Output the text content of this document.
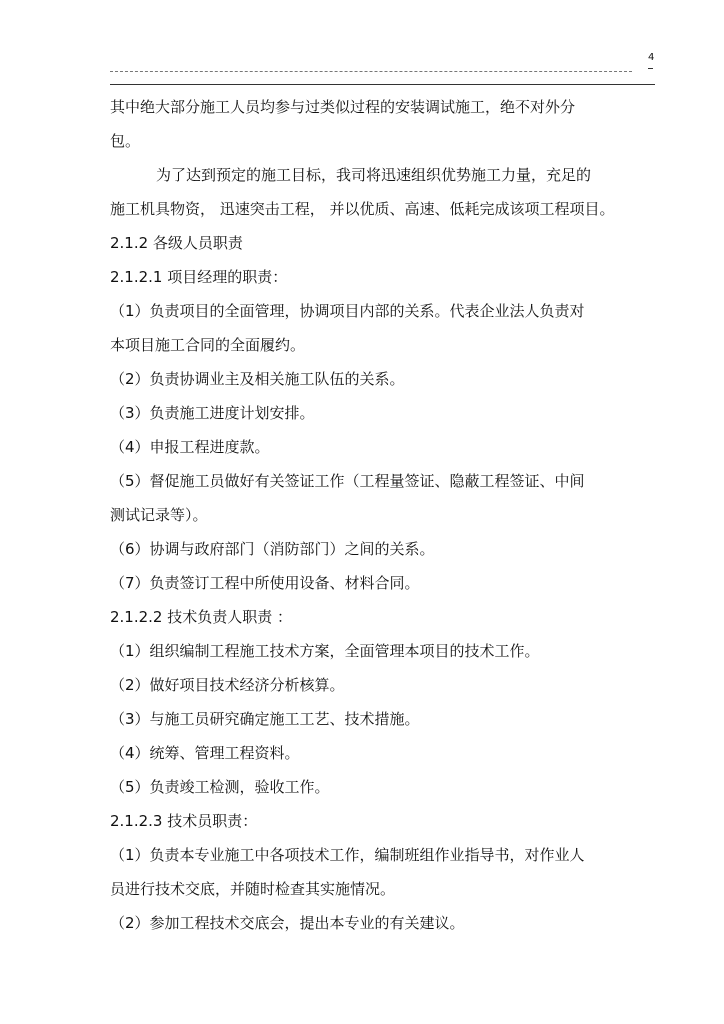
4
其中绝大部分施工人员均参与过类似过程的安装调试施工，绝不对外分
包。
为了达到预定的施工目标，我司将迅速组织优势施工力量，充足的
施工机具物资， 迅速突击工程， 并以优质、高速、低耗完成该项工程项目。
2.1.2 各级人员职责
2.1.2.1 项目经理的职责：
（1）负责项目的全面管理，协调项目内部的关系。代表企业法人负责对
本项目施工合同的全面履约。
（2）负责协调业主及相关施工队伍的关系。
（3）负责施工进度计划安排。
（4）申报工程进度款。
（5）督促施工员做好有关签证工作（工程量签证、隐蔽工程签证、中间
测试记录等）。
（6）协调与政府部门（消防部门）之间的关系。
（7）负责签订工程中所使用设备、材料合同。
2.1.2.2 技术负责人职责 ：
（1）组织编制工程施工技术方案，全面管理本项目的技术工作。
（2）做好项目技术经济分析核算。
（3）与施工员研究确定施工工艺、技术措施。
（4）统筹、管理工程资料。
（5）负责竣工检测，验收工作。
2.1.2.3 技术员职责：
（1）负责本专业施工中各项技术工作，编制班组作业指导书，对作业人
员进行技术交底，并随时检查其实施情况。
（2）参加工程技术交底会，提出本专业的有关建议。
